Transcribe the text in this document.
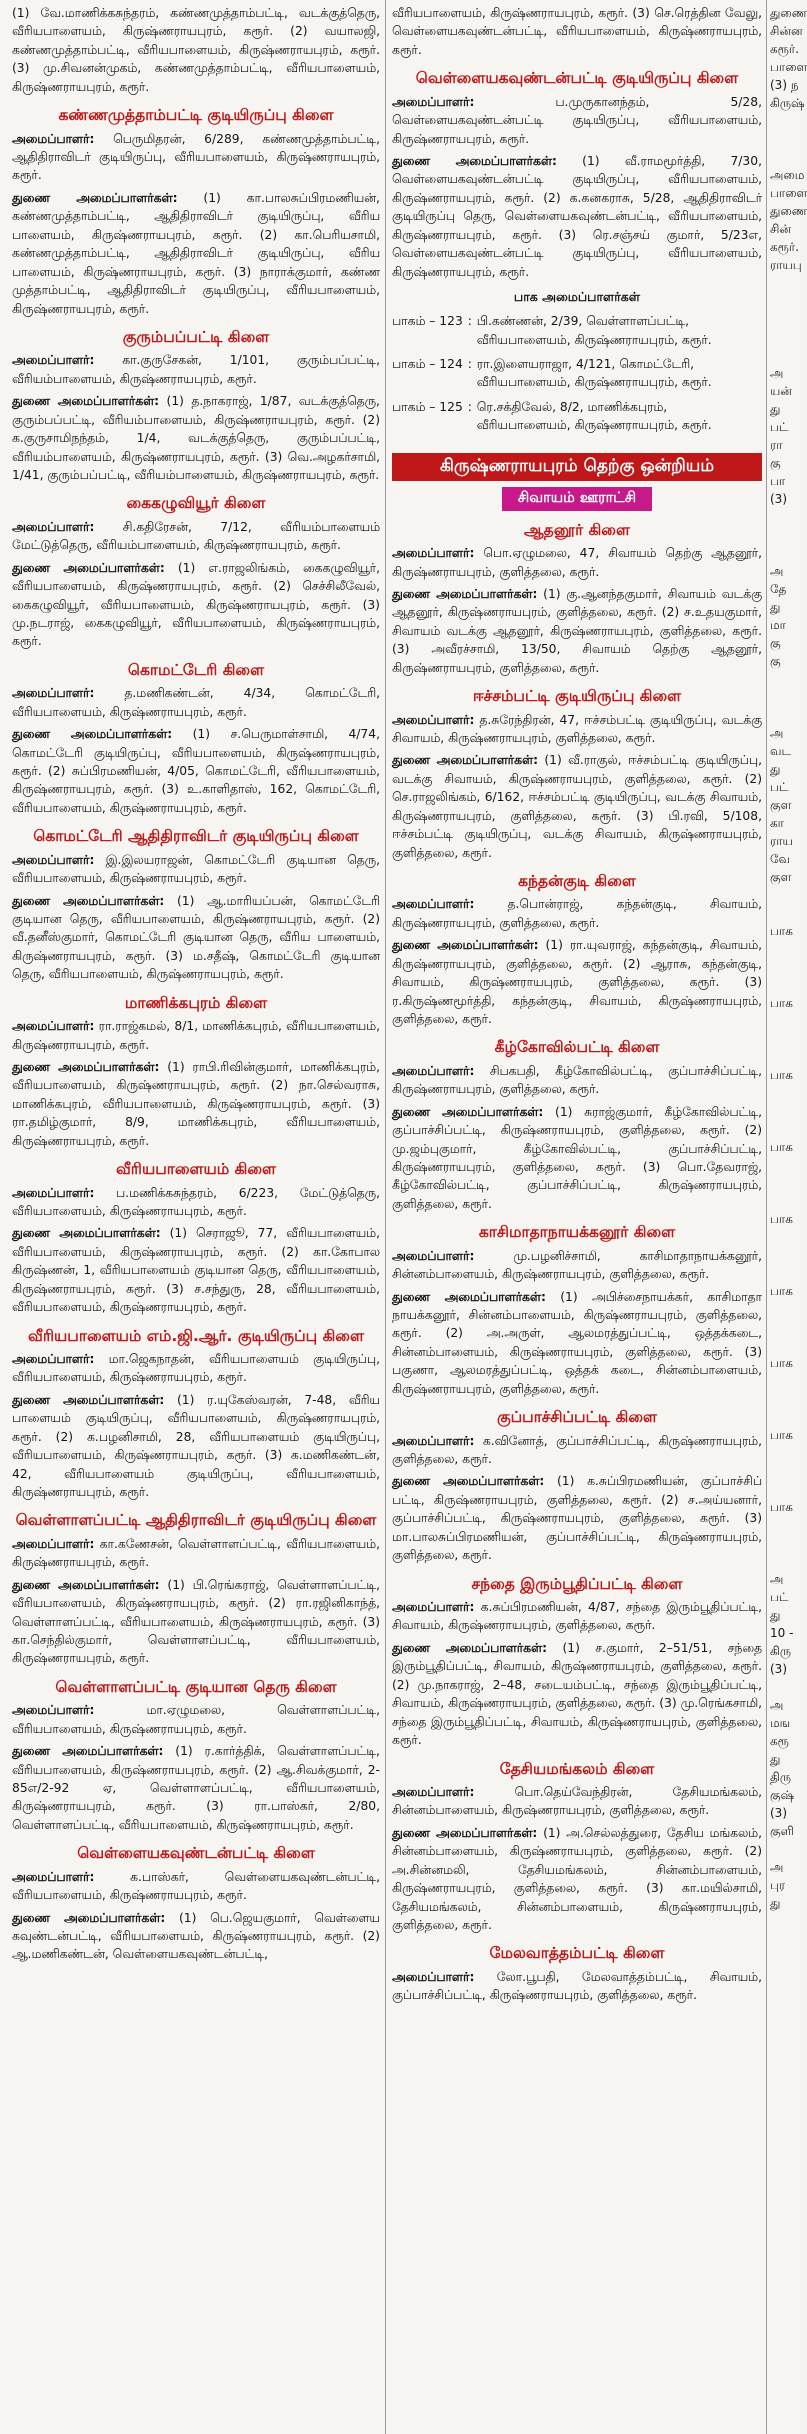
(1) வே.மாணிக்கசுந்தரம், கண்ணமுத்தாம்பட்டி, வடக்குத்தெரு, வீரியபாளையம், கிருஷ்ணராயபுரம், கரூர். (2) வயாலஜி, கண்ணமுத்தாம்பட்டி, வீரியபாளையம், கிருஷ்ணராயபுரம், கரூர். (3) மு.சிவனன்முகம், கண்ணமுத்தாம்பட்டி, வீரியபாளையம், கிருஷ்ணராயபுரம், கரூர்.
கண்ணமுத்தாம்பட்டி குடியிருப்பு கிளை
அமைப்பாளர்: பெருமிதரன், 6/289, கண்ணமுத்தாம்பட்டி, ஆதிதிராவிடர் குடியிருப்பு, வீரியபாளையம், கிருஷ்ணராயபுரம், கரூர்.
துணை அமைப்பாளர்கள்: (1) கா.பாலசுப்பிரமணியன், கண்ணமுத்தாம்பட்டி, ஆதிதிராவிடர் குடியிருப்பு, வீரிய பாளையம், கிருஷ்ணராயபுரம், கரூர். (2) கா.பெரியசாமி, கண்ணமுத்தாம்பட்டி, ஆதிதிராவிடர் குடியிருப்பு, வீரிய பாளையம், கிருஷ்ணராயபுரம், கரூர். (3) நாராக்குமார், கண்ண முத்தாம்பட்டி, ஆதிதிராவிடர் குடியிருப்பு, வீரியபாளையம், கிருஷ்ணராயபுரம், கரூர்.
குரும்பப்பட்டி கிளை
அமைப்பாளர்: கா.குருசேகன், 1/101, குரும்பப்பட்டி, வீரியம்பாளையம், கிருஷ்ணராயபுரம், கரூர்.
துணை அமைப்பாளர்கள்: (1) த.நாகராஜ், 1/87, வடக்குத்தெரு, குரும்பப்பட்டி, வீரியம்பாளையம், கிருஷ்ணராயபுரம், கரூர். (2) க.குருசாமிநந்தம், 1/4, வடக்குத்தெரு, குரும்பப்பட்டி, வீரியம்பாளையம், கிருஷ்ணராயபுரம், கரூர். (3) வெ.அழகர்சாமி, 1/41, குரும்பப்பட்டி, வீரியம்பாளையம், கிருஷ்ணராயபுரம், கரூர்.
கைகழுவியூர் கிளை
அமைப்பாளர்: சி.கதிரேசன், 7/12, வீரியம்பாளையம் மேட்டுத்தெரு, வீரியம்பாளையம், கிருஷ்ணராயபுரம், கரூர்.
துணை அமைப்பாளர்கள்: (1) எ.ராஜலிங்கம், கைகழுவியூர், வீரியபாளையம், கிருஷ்ணராயபுரம், கரூர். (2) செச்சிலீவேல், கைகழுவியூர், வீரியபாளையம், கிருஷ்ணராயபுரம், கரூர். (3) மு.நடராஜ், கைகழுவியூர், வீரியபாளையம், கிருஷ்ணராயபுரம், கரூர்.
கொமட்டேரி கிளை
அமைப்பாளர்: த.மணிகண்டன், 4/34, கொமட்டேரி, வீரியபாளையம், கிருஷ்ணராயபுரம், கரூர்.
துணை அமைப்பாளர்கள்: (1) ச.பெருமாள்சாமி, 4/74, கொமட்டேரி குடியிருப்பு, வீரியபாளையம், கிருஷ்ணராயபுரம், கரூர். (2) சுப்பிரமணியன், 4/05, கொமட்டேரி, வீரியபாளையம், கிருஷ்ணராயபுரம், கரூர். (3) உ.காளிதாஸ், 162, கொமட்டேரி, வீரியபாளையம், கிருஷ்ணராயபுரம், கரூர்.
கொமட்டேரி ஆதிதிராவிடர் குடியிருப்பு கிளை
அமைப்பாளர்: இ.இலயராஜன், கொமட்டேரி குடியான தெரு, வீரியபாளையம், கிருஷ்ணராயபுரம், கரூர்.
துணை அமைப்பாளர்கள்: (1) ஆ.மாரியப்பன், கொமட்டேரி குடியான தெரு, வீரியபாளையம், கிருஷ்ணராயபுரம், கரூர். (2) வீ.தனீஸ்குமார், கொமட்டேரி குடியான தெரு, வீரிய பாளையம், கிருஷ்ணராயபுரம், கரூர். (3) ம.சதீஷ், கொமட்டேரி குடியான தெரு, வீரியபாளையம், கிருஷ்ணராயபுரம், கரூர்.
மாணிக்கபுரம் கிளை
அமைப்பாளர்: ரா.ராஜ்கமல், 8/1, மாணிக்கபுரம், வீரியபாளையம், கிருஷ்ணராயபுரம், கரூர்.
துணை அமைப்பாளர்கள்: (1) ராபி.ரிவின்குமார், மாணிக்கபுரம், வீரியபாளையம், கிருஷ்ணராயபுரம், கரூர். (2) நா.செல்வராசு, மாணிக்கபுரம், வீரியபாளையம், கிருஷ்ணராயபுரம், கரூர். (3) ரா.தமிழ்குமார், 8/9, மாணிக்கபுரம், வீரியபாளையம், கிருஷ்ணராயபுரம், கரூர்.
வீரியபாளையம் கிளை
அமைப்பாளர்: ப.மணிக்கசுந்தரம், 6/223, மேட்டுத்தெரு, வீரியபாளையம், கிருஷ்ணராயபுரம், கரூர்.
துணை அமைப்பாளர்கள்: (1) செராஜூ, 77, வீரியபாளையம், வீரியபாளையம், கிருஷ்ணராயபுரம், கரூர். (2) கா.கோபால கிருஷ்ணன், 1, வீரியபாளையம் குடியான தெரு, வீரியபாளையம், கிருஷ்ணராயபுரம், கரூர். (3) ச.சந்துரு, 28, வீரியபாளையம், வீரியபாளையம், கிருஷ்ணராயபுரம், கரூர்.
வீரியபாளையம் எம்.ஜி.ஆர். குடியிருப்பு கிளை
அமைப்பாளர்: மா.ஜெகநாதன், வீரியபாளையம் குடியிருப்பு, வீரியபாளையம், கிருஷ்ணராயபுரம், கரூர்.
துணை அமைப்பாளர்கள்: (1) ர.யுகேஸ்வரன், 7-48, வீரிய பாளையம் குடியிருப்பு, வீரியபாளையம், கிருஷ்ணராயபுரம், கரூர். (2) க.பழனிசாமி, 28, வீரியபாளையம் குடியிருப்பு, வீரியபாளையம், கிருஷ்ணராயபுரம், கரூர். (3) க.மணிகண்டன், 42, வீரியபாளையம் குடியிருப்பு, வீரியபாளையம், கிருஷ்ணராயபுரம், கரூர்.
வெள்ளாளப்பட்டி ஆதிதிராவிடர் குடியிருப்பு கிளை
அமைப்பாளர்: கா.கணேசன், வெள்ளாளப்பட்டி, வீரியபாளையம், கிருஷ்ணராயபுரம், கரூர்.
துணை அமைப்பாளர்கள்: (1) பி.ரெங்கராஜ், வெள்ளாளப்பட்டி, வீரியபாளையம், கிருஷ்ணராயபுரம், கரூர். (2) ரா.ரஜினிகாந்த், வெள்ளாளப்பட்டி, வீரியபாளையம், கிருஷ்ணராயபுரம், கரூர். (3) கா.செந்தில்குமார், வெள்ளாளப்பட்டி, வீரியபாளையம், கிருஷ்ணராயபுரம், கரூர்.
வெள்ளாளப்பட்டி குடியான தெரு கிளை
அமைப்பாளர்:	மா.ஏழுமலை, வெள்ளாளப்பட்டி, வீரியபாளையம், கிருஷ்ணராயபுரம், கரூர்.
துணை அமைப்பாளர்கள்: (1) ர.கார்த்திக், வெள்ளாளப்பட்டி, வீரியபாளையம், கிருஷ்ணராயபுரம், கரூர். (2) ஆ.சிவக்குமார், 2-85எ/2-92 ஏ, வெள்ளாளப்பட்டி, வீரியபாளையம், கிருஷ்ணராயபுரம், கரூர். (3) ரா.பாஸ்கர், 2/80, வெள்ளாளப்பட்டி, வீரியபாளையம், கிருஷ்ணராயபுரம், கரூர்.
வெள்ளையகவுண்டன்பட்டி கிளை
அமைப்பாளர்:	க.பாஸ்கர், வெள்ளையகவுண்டன்பட்டி, வீரியபாளையம், கிருஷ்ணராயபுரம், கரூர்.
துணை அமைப்பாளர்கள்: (1) பெ.ஜெயகுமார், வெள்ளைய கவுண்டன்பட்டி, வீரியபாளையம், கிருஷ்ணராயபுரம், கரூர். (2) ஆ.மணிகண்டன், வெள்ளையகவுண்டன்பட்டி,
வீரியபாளையம், கிருஷ்ணராயபுரம், கரூர். (3) செ.ரெத்தின வேலு, வெள்ளையகவுண்டன்பட்டி, வீரியபாளையம், கிருஷ்ணராயபுரம், கரூர்.
வெள்ளையகவுண்டன்பட்டி குடியிருப்பு கிளை
அமைப்பாளர்:	ப.முருகானந்தம், 5/28, வெள்ளையகவுண்டன்பட்டி குடியிருப்பு, வீரியபாளையம், கிருஷ்ணராயபுரம், கரூர்.
துணை அமைப்பாளர்கள்: (1) வீ.ராமமூர்த்தி, 7/30, வெள்ளையகவுண்டன்பட்டி குடியிருப்பு, வீரியபாளையம், கிருஷ்ணராயபுரம், கரூர். (2) க.கனகராசு, 5/28, ஆதிதிராவிடர் குடியிருப்பு தெரு, வெள்ளையகவுண்டன்பட்டி, வீரியபாளையம், கிருஷ்ணராயபுரம், கரூர். (3) ரெ.சஞ்சய் குமார், 5/23எ, வெள்ளையகவுண்டன்பட்டி குடியிருப்பு, வீரியபாளையம், கிருஷ்ணராயபுரம், கரூர்.
பாக அமைப்பாளர்கள்
பாகம் – 123	:	பி.கண்ணன், 2/39, வெள்ளாளப்பட்டி, வீரியபாளையம், கிருஷ்ணராயபுரம், கரூர்.
பாகம் – 124	:	ரா.இளையராஜா, 4/121, கொமட்டேரி, வீரியபாளையம், கிருஷ்ணராயபுரம், கரூர்.
பாகம் – 125	:	ரெ.சக்திவேல், 8/2, மாணிக்கபுரம், வீரியபாளையம், கிருஷ்ணராயபுரம், கரூர்.
கிருஷ்ணராயபுரம் தெற்கு ஒன்றியம்
சிவாயம் ஊராட்சி
ஆதனூர் கிளை
அமைப்பாளர்: பொ.ஏழுமலை, 47, சிவாயம் தெற்கு ஆதனூர், கிருஷ்ணராயபுரம், குளித்தலை, கரூர்.
துணை அமைப்பாளர்கள்: (1) கு.ஆனந்தகுமார், சிவாயம் வடக்கு ஆதனூர், கிருஷ்ணராயபுரம், குளித்தலை, கரூர். (2) ச.உதயகுமார், சிவாயம் வடக்கு ஆதனூர், கிருஷ்ணராயபுரம், குளித்தலை, கரூர். (3) அவீரச்சாமி, 13/50, சிவாயம் தெற்கு ஆதனூர், கிருஷ்ணராயபுரம், குளித்தலை, கரூர்.
ஈச்சம்பட்டி குடியிருப்பு கிளை
அமைப்பாளர்: த.சுரேந்திரன், 47, ஈச்சம்பட்டி குடியிருப்பு, வடக்கு சிவாயம், கிருஷ்ணராயபுரம், குளித்தலை, கரூர்.
துணை அமைப்பாளர்கள்: (1) வீ.ராகுல், ஈச்சம்பட்டி குடியிருப்பு, வடக்கு சிவாயம், கிருஷ்ணராயபுரம், குளித்தலை, கரூர். (2) செ.ராஜலிங்கம், 6/162, ஈச்சம்பட்டி குடியிருப்பு, வடக்கு சிவாயம், கிருஷ்ணராயபுரம், குளித்தலை, கரூர். (3) பி.ரவி, 5/108, ஈச்சம்பட்டி குடியிருப்பு, வடக்கு சிவாயம், கிருஷ்ணராயபுரம், குளித்தலை, கரூர்.
கந்தன்குடி கிளை
அமைப்பாளர்:	த.பொன்ராஜ், கந்தன்குடி, சிவாயம், கிருஷ்ணராயபுரம், குளித்தலை, கரூர்.
துணை அமைப்பாளர்கள்: (1) ரா.யுவராஜ், கந்தன்குடி, சிவாயம், கிருஷ்ணராயபுரம், குளித்தலை, கரூர். (2) ஆராசு, கந்தன்குடி, சிவாயம், கிருஷ்ணராயபுரம், குளித்தலை, கரூர். (3) ர.கிருஷ்ணமூர்த்தி, கந்தன்குடி, சிவாயம், கிருஷ்ணராயபுரம், குளித்தலை, கரூர்.
கீழ்கோவில்பட்டி கிளை
அமைப்பாளர்: சிபகபதி, கீழ்கோவில்பட்டி, குப்பாச்சிப்பட்டி, கிருஷ்ணராயபுரம், குளித்தலை, கரூர்.
துணை அமைப்பாளர்கள்: (1) சுராஜ்குமார், கீழ்கோவில்பட்டி, குப்பாச்சிப்பட்டி, கிருஷ்ணராயபுரம், குளித்தலை, கரூர். (2) மு.ஜம்புகுமார், கீழ்கோவில்பட்டி, குப்பாச்சிப்பட்டி, கிருஷ்ணராயபுரம், குளித்தலை, கரூர். (3) பொ.தேவராஜ், கீழ்கோவில்பட்டி, குப்பாச்சிப்பட்டி, கிருஷ்ணராயபுரம், குளித்தலை, கரூர்.
காசிமாதாநாயக்கனூர் கிளை
அமைப்பாளர்:	மு.பழனிச்சாமி, காசிமாதாநாயக்கனூர், சின்னம்பாளையம், கிருஷ்ணராயபுரம், குளித்தலை, கரூர்.
துணை அமைப்பாளர்கள்: (1) அபிச்சைநாயக்கர், காசிமாதா நாயக்கனூர், சின்னம்பாளையம், கிருஷ்ணராயபுரம், குளித்தலை, கரூர். (2) அ.அருள், ஆலமரத்துப்பட்டி, ஒத்தக்கடை, சின்னம்பாளையம், கிருஷ்ணராயபுரம், குளித்தலை, கரூர். (3) பகுணா, ஆலமரத்துப்பட்டி, ஒத்தக் கடை, சின்னம்பாளையம், கிருஷ்ணராயபுரம், குளித்தலை, கரூர்.
குப்பாச்சிப்பட்டி கிளை
அமைப்பாளர்: க.வினோத், குப்பாச்சிப்பட்டி, கிருஷ்ணராயபுரம், குளித்தலை, கரூர்.
துணை அமைப்பாளர்கள்: (1) க.சுப்பிரமணியன், குப்பாச்சிப் பட்டி, கிருஷ்ணராயபுரம், குளித்தலை, கரூர். (2) ச.அய்யனார், குப்பாச்சிப்பட்டி, கிருஷ்ணராயபுரம், குளித்தலை, கரூர். (3) மா.பாலசுப்பிரமணியன், குப்பாச்சிப்பட்டி, கிருஷ்ணராயபுரம், குளித்தலை, கரூர்.
சந்தை இரும்பூதிப்பட்டி கிளை
அமைப்பாளர்: க.சுப்பிரமணியன், 4/87, சந்தை இரும்பூதிப்பட்டி, சிவாயம், கிருஷ்ணராயபுரம், குளித்தலை, கரூர்.
துணை அமைப்பாளர்கள்: (1) ச.குமார், 2–51/51, சந்தை இரும்பூதிப்பட்டி, சிவாயம், கிருஷ்ணராயபுரம், குளித்தலை, கரூர். (2) மு.நாகராஜ், 2–48, சடையம்பட்டி, சந்தை இரும்பூதிப்பட்டி, சிவாயம், கிருஷ்ணராயபுரம், குளித்தலை, கரூர். (3) மு.ரெங்கசாமி, சந்தை இரும்பூதிப்பட்டி, சிவாயம், கிருஷ்ணராயபுரம், குளித்தலை, கரூர்.
தேசியமங்கலம் கிளை
அமைப்பாளர்:	பொ.தெய்வேந்திரன், தேசியமங்கலம், சின்னம்பாளையம், கிருஷ்ணராயபுரம், குளித்தலை, கரூர்.
துணை அமைப்பாளர்கள்: (1) அ.செல்லத்துரை, தேசிய மங்கலம், சின்னம்பாளையம், கிருஷ்ணராயபுரம், குளித்தலை, கரூர். (2) அ.சின்னமலி, தேசியமங்கலம், சின்னம்பாளையம், கிருஷ்ணராயபுரம், குளித்தலை, கரூர். (3) கா.மயில்சாமி, தேசியமங்கலம், சின்னம்பாளையம், கிருஷ்ணராயபுரம், குளித்தலை, கரூர்.
மேலவாத்தம்பட்டி கிளை
அமைப்பாளர்: லோ.பூபதி, மேலவாத்தம்பட்டி, சிவாயம், குப்பாச்சிப்பட்டி, கிருஷ்ணராயபுரம், குளித்தலை, கரூர்.
துணை
சின்ன
கரூர்.
பாளை
(3) ந
கிருஷ்
அமை
பாளை
துணை
சின்
கரூர்.
ராயபு
அ
யன்
து
பட்
ரா
கு
பா
(3)
அ
தே
து
மா
கு
கு
அ
வட
து
பட்
குள
கா
ராய
வே
குள
பாக
பாக
பாக
பாக
பாக
பாக
பாக
பாக
பாக
அ
பட்
து
10 -
கிரு
(3)
அ
மங
கரூ
து
திரு
குஷ்
(3)
குளி
அ
புர
து
